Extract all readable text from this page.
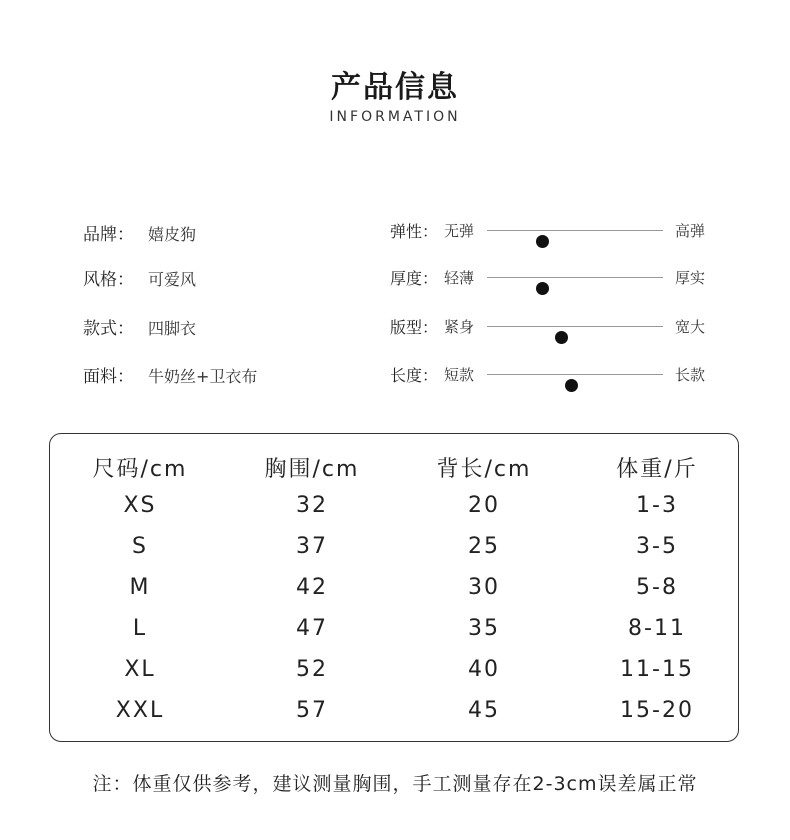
产品信息
INFORMATION
品牌： 嬉皮狗
风格： 可爱风
款式： 四脚衣
面料： 牛奶丝+卫衣布
弹性： 无弹	高弹
厚度： 轻薄	厚实
版型： 紧身	宽大
长度： 短款	长款
尺码/cm	胸围/cm	背长/cm	体重/斤
XS	32	20	1-3
S	37	25	3-5
M	42	30	5-8
L	47	35	8-11
XL	52	40	11-15
XXL	57	45	15-20
注：体重仅供参考，建议测量胸围，手工测量存在2-3cm误差属正常
